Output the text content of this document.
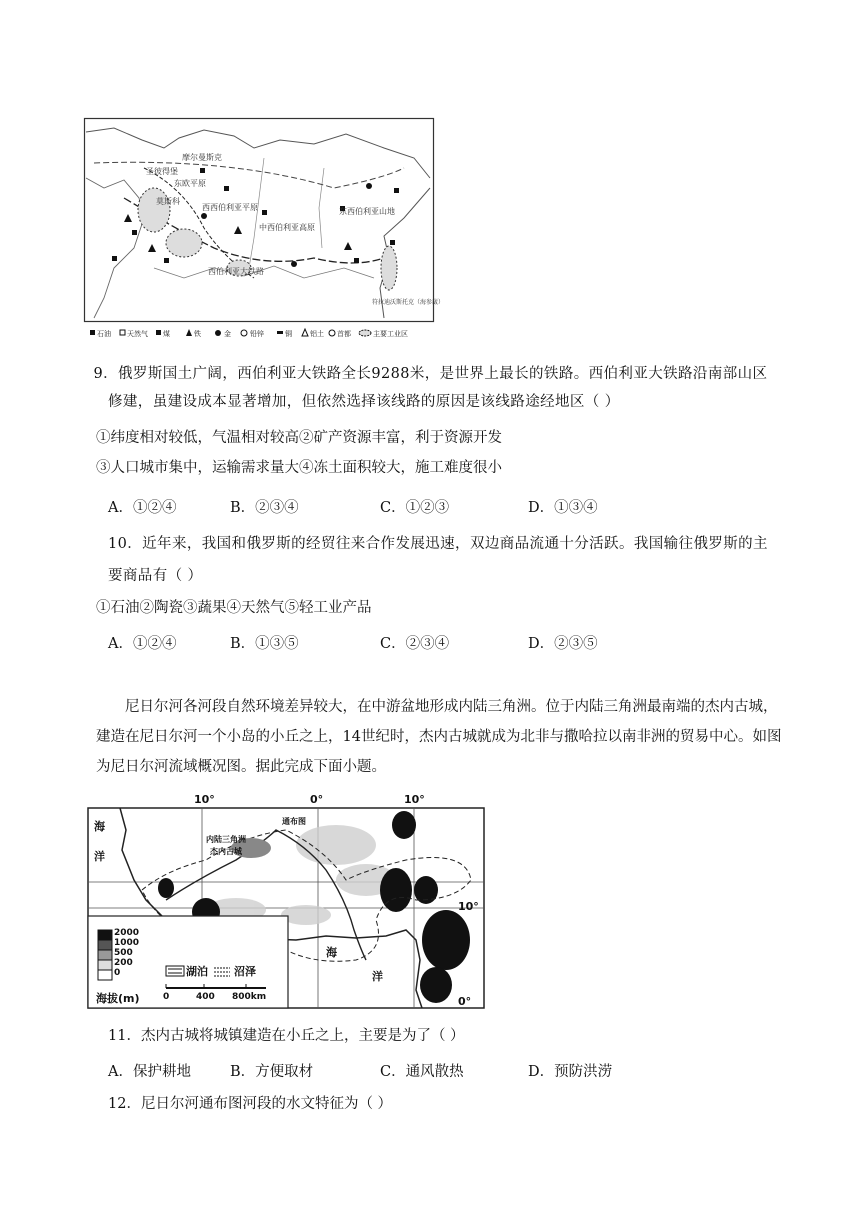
摩尔曼斯克
圣彼得堡
东欧平原
莫斯科
西西伯利亚平原
中西伯利亚高原
东西伯利亚山地
西伯利亚大铁路
符拉迪沃斯托克（海参崴）
石油 天然气 煤	铁	金	铅锌	铜	铝土 首都	主要工业区
9．俄罗斯国土广阔，西伯利亚大铁路全长9288米，是世界上最长的铁路。西伯利亚大铁路沿南部山区修建，虽建设成本显著增加，但依然选择该线路的原因是该线路途经地区（ ）
①纬度相对较低，气温相对较高②矿产资源丰富，利于资源开发
③人口城市集中，运输需求量大④冻土面积较大，施工难度很小
A．①②④	B．②③④	C．①②③	D．①③④
10．近年来，我国和俄罗斯的经贸往来合作发展迅速，双边商品流通十分活跃。我国输往俄罗斯的主要商品有（ ）
①石油②陶瓷③蔬果④天然气⑤轻工业产品
A．①②④	B．①③⑤	C．②③④	D．②③⑤
尼日尔河各河段自然环境差异较大，在中游盆地形成内陆三角洲。位于内陆三角洲最南端的杰内古城，建造在尼日尔河一个小岛的小丘之上，14世纪时，杰内古城就成为北非与撒哈拉以南非洲的贸易中心。如图为尼日尔河流域概况图。据此完成下面小题。
10°	0°	10°
通布图
内陆三角洲
杰内古城
海
洋
海
洋
10°
0°
2000
1000
500
200
0
海拔(m)
湖泊 沼泽
0	400 800km
11．杰内古城将城镇建造在小丘之上，主要是为了（ ）
A．保护耕地	B．方便取材	C．通风散热	D．预防洪涝
12．尼日尔河通布图河段的水文特征为（ ）
